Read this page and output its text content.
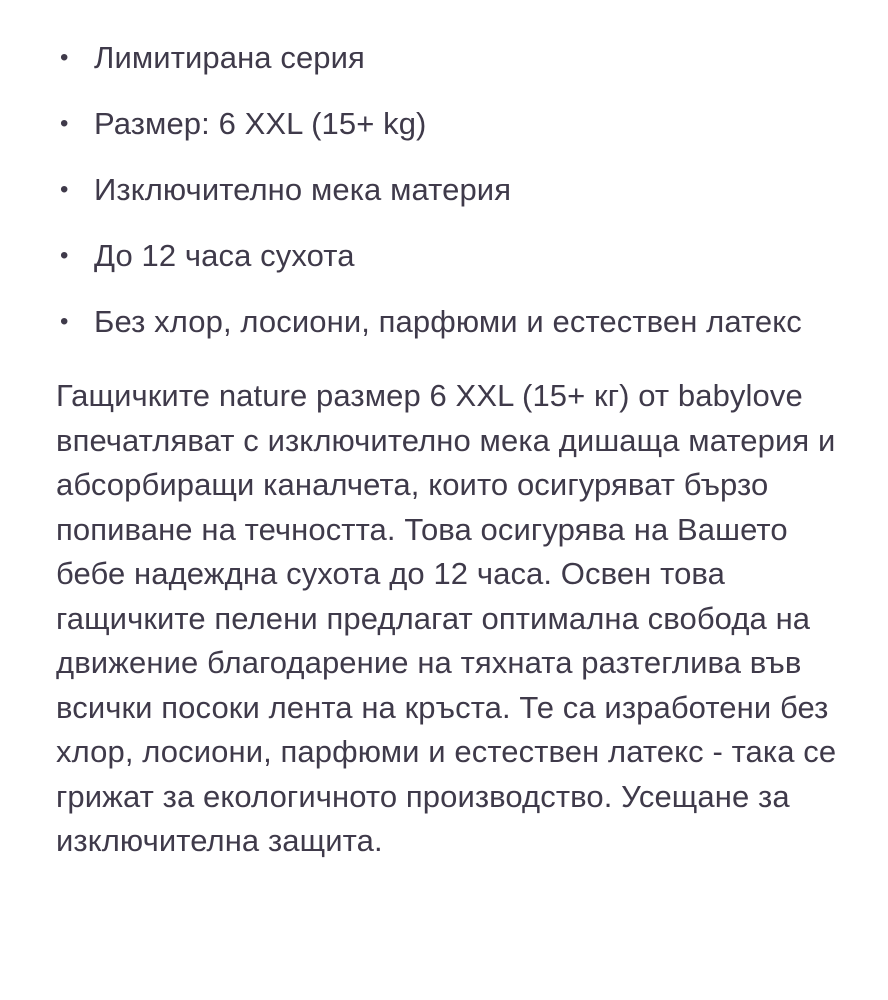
• Лимитирана серия
• Размер: 6 XXL (15+ kg)
• Изключително мека материя
• До 12 часа сухота
• Без хлор, лосиони, парфюми и естествен латекс

Гащичките nature размер 6 XXL (15+ кг) от babylove впечатляват с изключително мека дишаща материя и абсорбиращи каналчета, които осигуряват бързо попиване на течността. Това осигурява на Вашето бебе надеждна сухота до 12 часа. Освен това гащичките пелени предлагат оптимална свобода на движение благодарение на тяхната разтеглива във всички посоки лента на кръста. Те са изработени без хлор, лосиони, парфюми и естествен латекс - така се грижат за екологичното производство. Усещане за изключителна защита.
